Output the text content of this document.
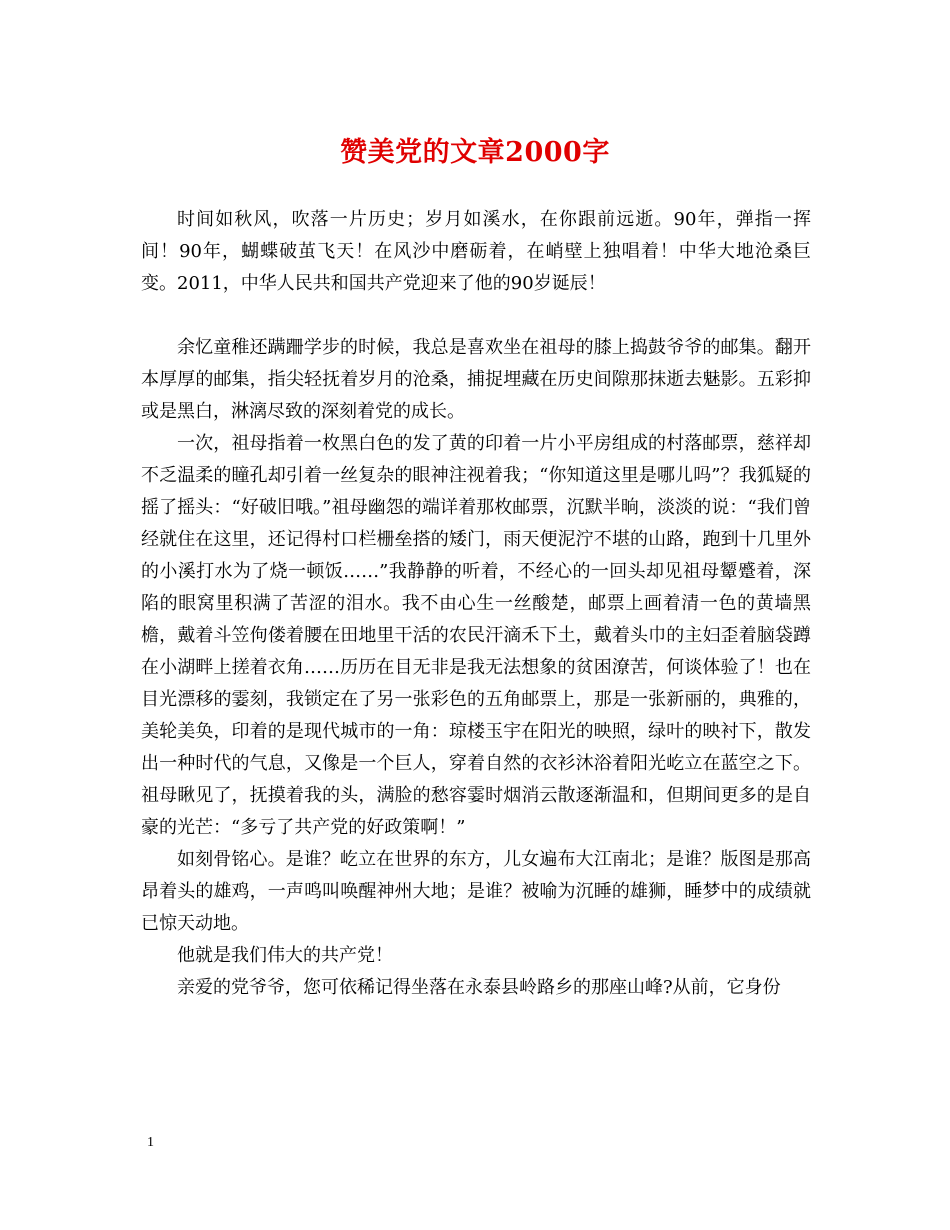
赞美党的文章2000字

时间如秋风，吹落一片历史；岁月如溪水，在你跟前远逝。90年，弹指一挥间！90年，蝴蝶破茧飞天！在风沙中磨砺着，在峭壁上独唱着！中华大地沧桑巨变。2011，中华人民共和国共产党迎来了他的90岁诞辰！

余忆童稚还蹒跚学步的时候，我总是喜欢坐在祖母的膝上捣鼓爷爷的邮集。翻开本厚厚的邮集，指尖轻抚着岁月的沧桑，捕捉埋藏在历史间隙那抹逝去魅影。五彩抑或是黑白，淋漓尽致的深刻着党的成长。

一次，祖母指着一枚黑白色的发了黄的印着一片小平房组成的村落邮票，慈祥却不乏温柔的瞳孔却引着一丝复杂的眼神注视着我；“你知道这里是哪儿吗”？我狐疑的摇了摇头：“好破旧哦。”祖母幽怨的端详着那枚邮票，沉默半晌，淡淡的说：“我们曾经就住在这里，还记得村口栏栅垒搭的矮门，雨天便泥泞不堪的山路，跑到十几里外的小溪打水为了烧一顿饭……”我静静的听着，不经心的一回头却见祖母颦蹙着，深陷的眼窝里积满了苦涩的泪水。我不由心生一丝酸楚，邮票上画着清一色的黄墙黑檐，戴着斗笠佝偻着腰在田地里干活的农民汗滴禾下土，戴着头巾的主妇歪着脑袋蹲在小湖畔上搓着衣角……历历在目无非是我无法想象的贫困潦苦，何谈体验了！也在目光漂移的霎刻，我锁定在了另一张彩色的五角邮票上，那是一张新丽的，典雅的，美轮美奂，印着的是现代城市的一角：琼楼玉宇在阳光的映照，绿叶的映衬下，散发出一种时代的气息，又像是一个巨人，穿着自然的衣衫沐浴着阳光屹立在蓝空之下。祖母瞅见了，抚摸着我的头，满脸的愁容霎时烟消云散逐渐温和，但期间更多的是自豪的光芒：“多亏了共产党的好政策啊！”

如刻骨铭心。是谁？屹立在世界的东方，儿女遍布大江南北；是谁？版图是那高昂着头的雄鸡，一声鸣叫唤醒神州大地；是谁？被喻为沉睡的雄狮，睡梦中的成绩就已惊天动地。

他就是我们伟大的共产党！

亲爱的党爷爷，您可依稀记得坐落在永泰县岭路乡的那座山峰?从前，它身份

1
